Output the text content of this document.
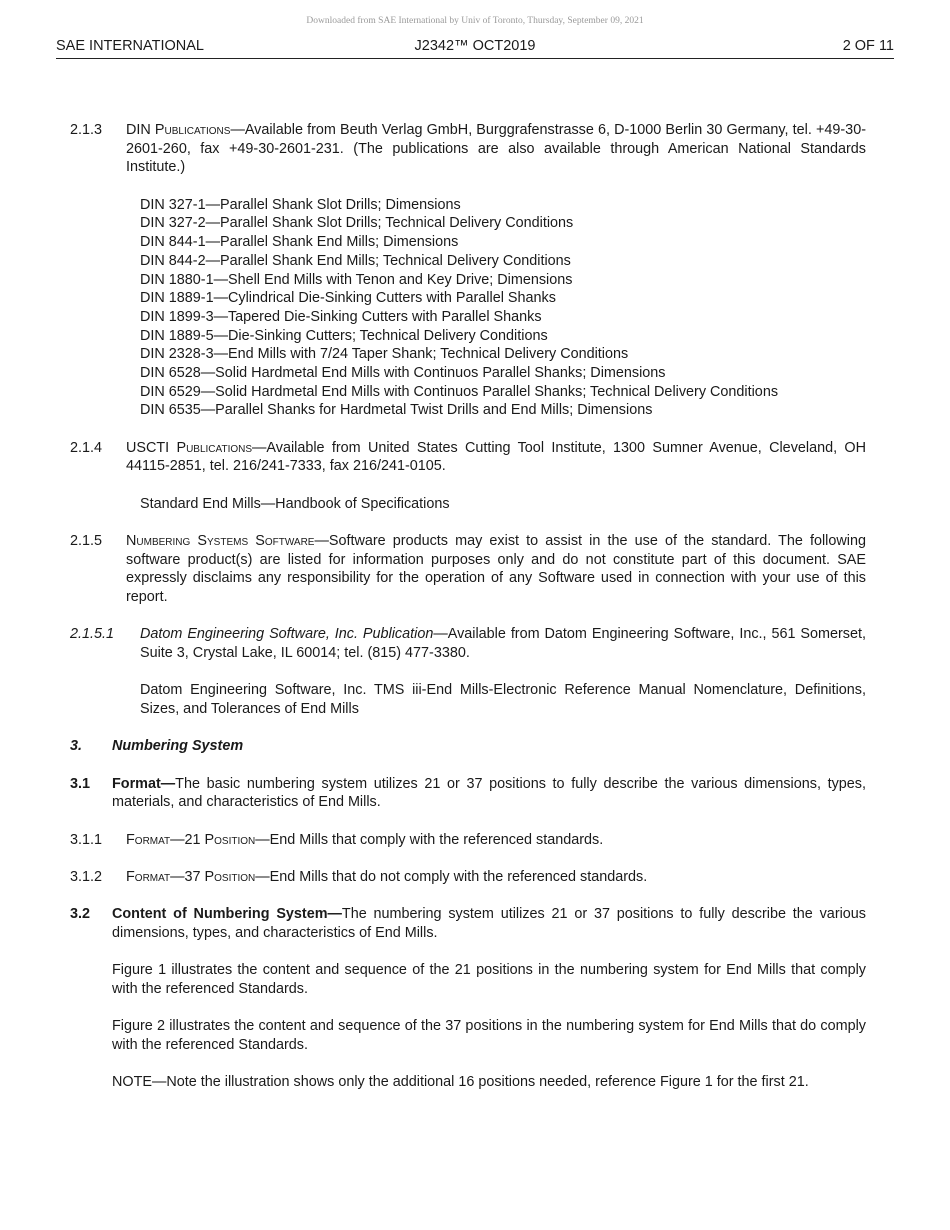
Downloaded from SAE International by Univ of Toronto, Thursday, September 09, 2021
J2342™ OCT2019
SAE INTERNATIONAL	2 OF 11
2.1.3 DIN Publications—Available from Beuth Verlag GmbH, Burggrafenstrasse 6, D-1000 Berlin 30 Germany, tel. +49-30-2601-260, fax +49-30-2601-231. (The publications are also available through American National Standards Institute.)
DIN 327-1—Parallel Shank Slot Drills; Dimensions
DIN 327-2—Parallel Shank Slot Drills; Technical Delivery Conditions
DIN 844-1—Parallel Shank End Mills; Dimensions
DIN 844-2—Parallel Shank End Mills; Technical Delivery Conditions
DIN 1880-1—Shell End Mills with Tenon and Key Drive; Dimensions
DIN 1889-1—Cylindrical Die-Sinking Cutters with Parallel Shanks
DIN 1899-3—Tapered Die-Sinking Cutters with Parallel Shanks
DIN 1889-5—Die-Sinking Cutters; Technical Delivery Conditions
DIN 2328-3—End Mills with 7/24 Taper Shank; Technical Delivery Conditions
DIN 6528—Solid Hardmetal End Mills with Continuos Parallel Shanks; Dimensions
DIN 6529—Solid Hardmetal End Mills with Continuos Parallel Shanks; Technical Delivery Conditions
DIN 6535—Parallel Shanks for Hardmetal Twist Drills and End Mills; Dimensions
2.1.4 USCTI Publications—Available from United States Cutting Tool Institute, 1300 Sumner Avenue, Cleveland, OH 44115-2851, tel. 216/241-7333, fax 216/241-0105.
Standard End Mills—Handbook of Specifications
2.1.5 Numbering Systems Software—Software products may exist to assist in the use of the standard. The following software product(s) are listed for information purposes only and do not constitute part of this document. SAE expressly disclaims any responsibility for the operation of any Software used in connection with your use of this report.
2.1.5.1 Datom Engineering Software, Inc. Publication—Available from Datom Engineering Software, Inc., 561 Somerset, Suite 3, Crystal Lake, IL 60014; tel. (815) 477-3380.
Datom Engineering Software, Inc. TMS iii-End Mills-Electronic Reference Manual Nomenclature, Definitions, Sizes, and Tolerances of End Mills
3. Numbering System
3.1 Format—The basic numbering system utilizes 21 or 37 positions to fully describe the various dimensions, types, materials, and characteristics of End Mills.
3.1.1 Format—21 Position—End Mills that comply with the referenced standards.
3.1.2 Format—37 Position—End Mills that do not comply with the referenced standards.
3.2 Content of Numbering System—The numbering system utilizes 21 or 37 positions to fully describe the various dimensions, types, and characteristics of End Mills.
Figure 1 illustrates the content and sequence of the 21 positions in the numbering system for End Mills that comply with the referenced Standards.
Figure 2 illustrates the content and sequence of the 37 positions in the numbering system for End Mills that do comply with the referenced Standards.
NOTE—Note the illustration shows only the additional 16 positions needed, reference Figure 1 for the first 21.
